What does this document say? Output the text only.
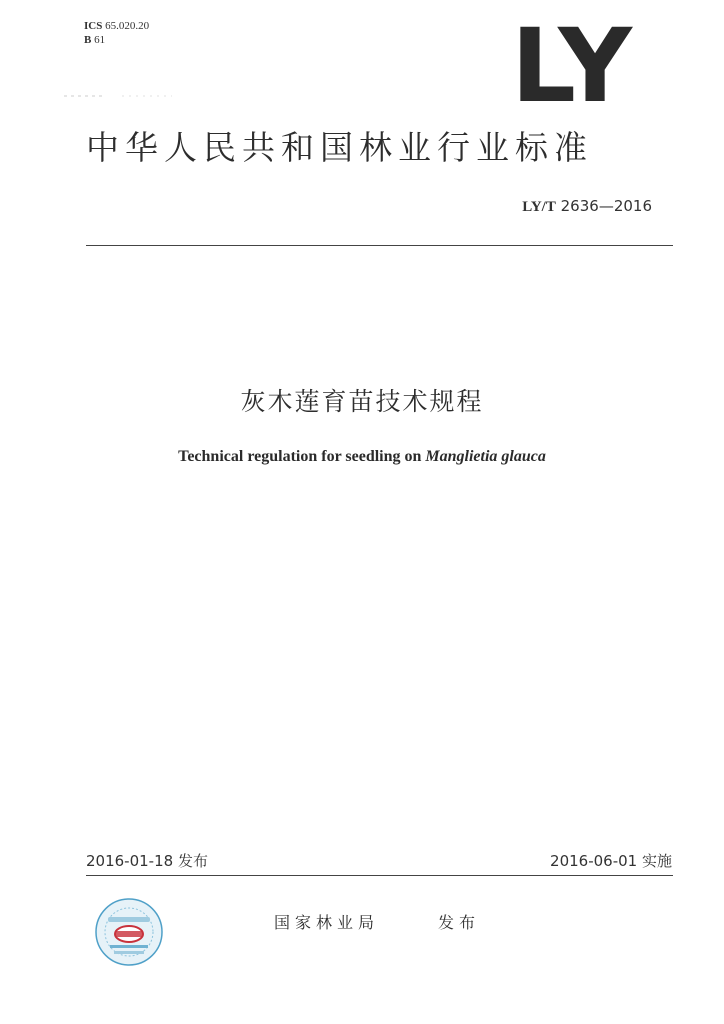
ICS 65.020.20
B 61	LY
中华人民共和国林业行业标准
LY/T 2636—2016
灰木莲育苗技术规程
Technical regulation for seedling on Manglietia glauca
2016-01-18 发布	2016-06-01 实施
国家林业局	发布
